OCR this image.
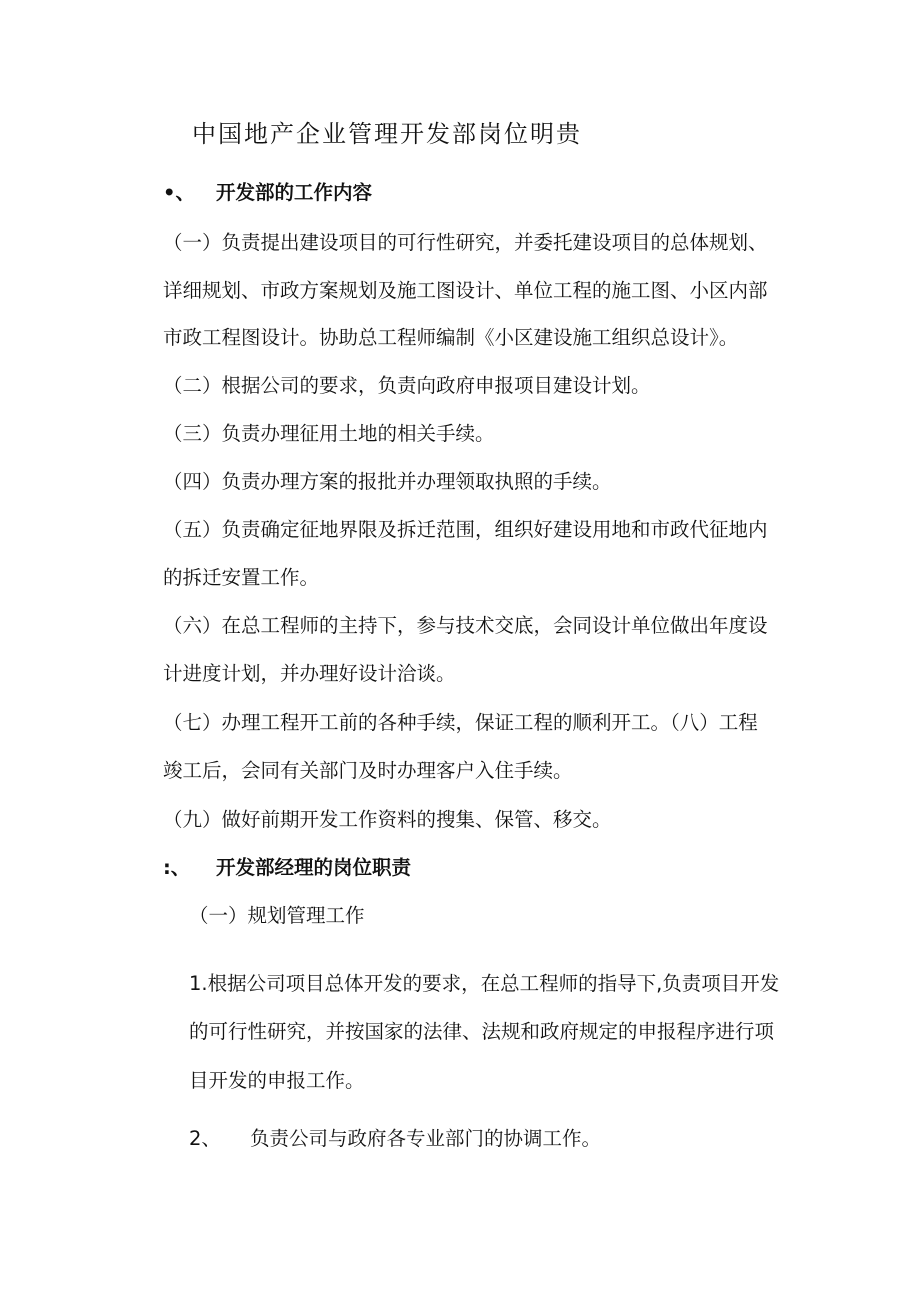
中国地产企业管理开发部岗位明贵
•、 开发部的工作内容
（一）负责提出建设项目的可行性研究，并委托建设项目的总体规划、
详细规划、市政方案规划及施工图设计、单位工程的施工图、小区内部
市政工程图设计。协助总工程师编制《小区建设施工组织总设计》。
（二）根据公司的要求，负责向政府申报项目建设计划。
（三）负责办理征用土地的相关手续。
（四）负责办理方案的报批并办理领取执照的手续。
（五）负责确定征地界限及拆迁范围，组织好建设用地和市政代征地内
的拆迁安置工作。
（六）在总工程师的主持下，参与技术交底，会同设计单位做出年度设
计进度计划，并办理好设计洽谈。
（七）办理工程开工前的各种手续，保证工程的顺利开工。（八）工程
竣工后，会同有关部门及时办理客户入住手续。
（九）做好前期开发工作资料的搜集、保管、移交。
:、 开发部经理的岗位职责
（一）规划管理工作
1.根据公司项目总体开发的要求，在总工程师的指导下,负责项目开发
的可行性研究，并按国家的法律、法规和政府规定的申报程序进行项
目开发的申报工作。
2、 负责公司与政府各专业部门的协调工作。
